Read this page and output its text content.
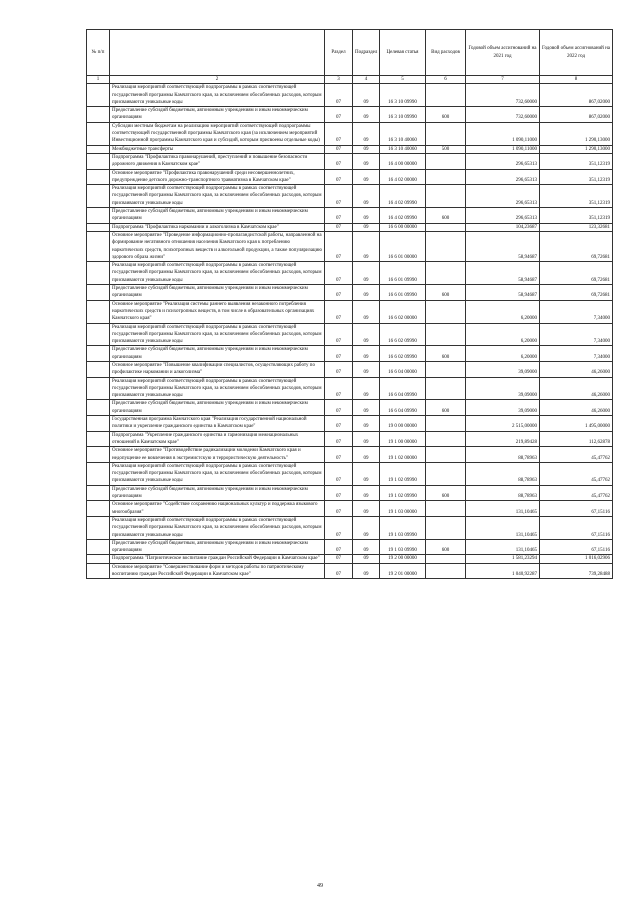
№ п/п		Раздел	Подраздел	Целевая статья	Вид расходов	Годовой объем ассигнований на 2021 год	Годовой объем ассигнований на 2022 год
1	2	3	4	5	6	7	8
	Реализация мероприятий соответствующей подпрограммы в рамках соответствующей государственной программы Камчатского края, за исключением обособленных расходов, которым присваиваются уникальные коды	07	09	16 3 10 09990		732,60000	867,02000
	Предоставление субсидий бюджетным, автономным учреждениям и иным некоммерческим организациям	07	09	16 3 10 09990	600	732,60000	867,02000
	Субсидии местным бюджетам на реализацию мероприятий соответствующей подпрограммы соответствующей государственной программы Камчатского края (за исключением мероприятий Инвестиционной программы Камчатского края и субсидий, которым присвоены отдельные коды)	07	09	16 3 10 40060		1 090,11000	1 290,13000
	Межбюджетные трансферты	07	09	16 3 10 40060	500	1 090,11000	1 290,13000
	Подпрограмма "Профилактика правонарушений, преступлений и повышение безопасности дорожного движения в Камчатском крае"	07	09	16 4 00 00000		296,65313	351,12319
	Основное мероприятие "Профилактика правонарушений среди несовершеннолетних, предупреждение детского дорожно-транспортного травматизма в Камчатском крае"	07	09	16 4 02 00000		296,65313	351,12319
	Реализация мероприятий соответствующей подпрограммы в рамках соответствующей государственной программы Камчатского края, за исключением обособленных расходов, которым присваиваются уникальные коды	07	09	16 4 02 09990		296,65313	351,12319
	Предоставление субсидий бюджетным, автономным учреждениям и иным некоммерческим организациям	07	09	16 4 02 09990	600	296,65313	351,12319
	Подпрограмма "Профилактика наркомании и алкоголизма в Камчатском крае"	07	09	16 6 00 00000		104,23687	123,32681
	Основное мероприятие "Проведение информационно-пропагандистской работы, направленной на формирование негативного отношения населения Камчатского края к потреблению наркотических средств, психотропных веществ и алкогольной продукции, а также популяризацию здорового образа жизни"	07	09	16 6 01 00000		58,94687	69,72681
	Реализация мероприятий соответствующей подпрограммы в рамках соответствующей государственной программы Камчатского края, за исключением обособленных расходов, которым присваиваются уникальные коды	07	09	16 6 01 09990		58,94687	69,72681
	Предоставление субсидий бюджетным, автономным учреждениям и иным некоммерческим организациям	07	09	16 6 01 09990	600	58,94687	69,72681
	Основное мероприятие "Реализация системы раннего выявления незаконного потребления наркотических средств и психотропных веществ, в том числе в образовательных организациях Камчатского края"	07	09	16 6 02 00000		6,20000	7,34000
	Реализация мероприятий соответствующей подпрограммы в рамках соответствующей государственной программы Камчатского края, за исключением обособленных расходов, которым присваиваются уникальные коды	07	09	16 6 02 09990		6,20000	7,34000
	Предоставление субсидий бюджетным, автономным учреждениям и иным некоммерческим организациям	07	09	16 6 02 09990	600	6,20000	7,34000
	Основное мероприятие "Повышение квалификации специалистов, осуществляющих работу по профилактике наркомании и алкоголизма"	07	09	16 6 04 00000		39,09000	46,26000
	Реализация мероприятий соответствующей подпрограммы в рамках соответствующей государственной программы Камчатского края, за исключением обособленных расходов, которым присваиваются уникальные коды	07	09	16 6 04 09990		39,09000	46,26000
	Предоставление субсидий бюджетным, автономным учреждениям и иным некоммерческим организациям	07	09	16 6 04 09990	600	39,09000	46,26000
	Государственная программа Камчатского края "Реализация государственной национальной политики и укрепление гражданского единства в Камчатском крае"	07	09	19 0 00 00000		2 515,00000	1 495,00000
	Подпрограмма "Укрепление гражданского единства и гармонизация межнациональных отношений в Камчатском крае"	07	09	19 1 00 00000		219,89428	112,62878
	Основное мероприятие "Противодействие радикализации молодежи Камчатского края и недопущение ее вовлечения в экстремистскую и террористическую деятельность"	07	09	19 1 02 00000		88,78963	45,47762
	Реализация мероприятий соответствующей подпрограммы в рамках соответствующей государственной программы Камчатского края, за исключением обособленных расходов, которым присваиваются уникальные коды	07	09	19 1 02 09990		88,78963	45,47762
	Предоставление субсидий бюджетным, автономным учреждениям и иным некоммерческим организациям	07	09	19 1 02 09990	600	88,78963	45,47762
	Основное мероприятие "Содействие сохранению национальных культур и поддержка языкового многообразия"	07	09	19 1 03 00000		131,10465	67,15116
	Реализация мероприятий соответствующей подпрограммы в рамках соответствующей государственной программы Камчатского края, за исключением обособленных расходов, которым присваиваются уникальные коды	07	09	19 1 03 09990		131,10465	67,15116
	Предоставление субсидий бюджетным, автономным учреждениям и иным некоммерческим организациям	07	09	19 1 03 09990	600	131,10465	67,15116
	Подпрограмма "Патриотическое воспитание граждан Российской Федерации в Камчатском крае"	07	09	19 2 00 00000		1 581,23294	1 016,02906
	Основное мероприятие "Совершенствование форм и методов работы по патриотическому воспитанию граждан Российской Федерации в Камчатском крае"	07	09	19 2 01 00000		1 040,92287	739,28488
49
